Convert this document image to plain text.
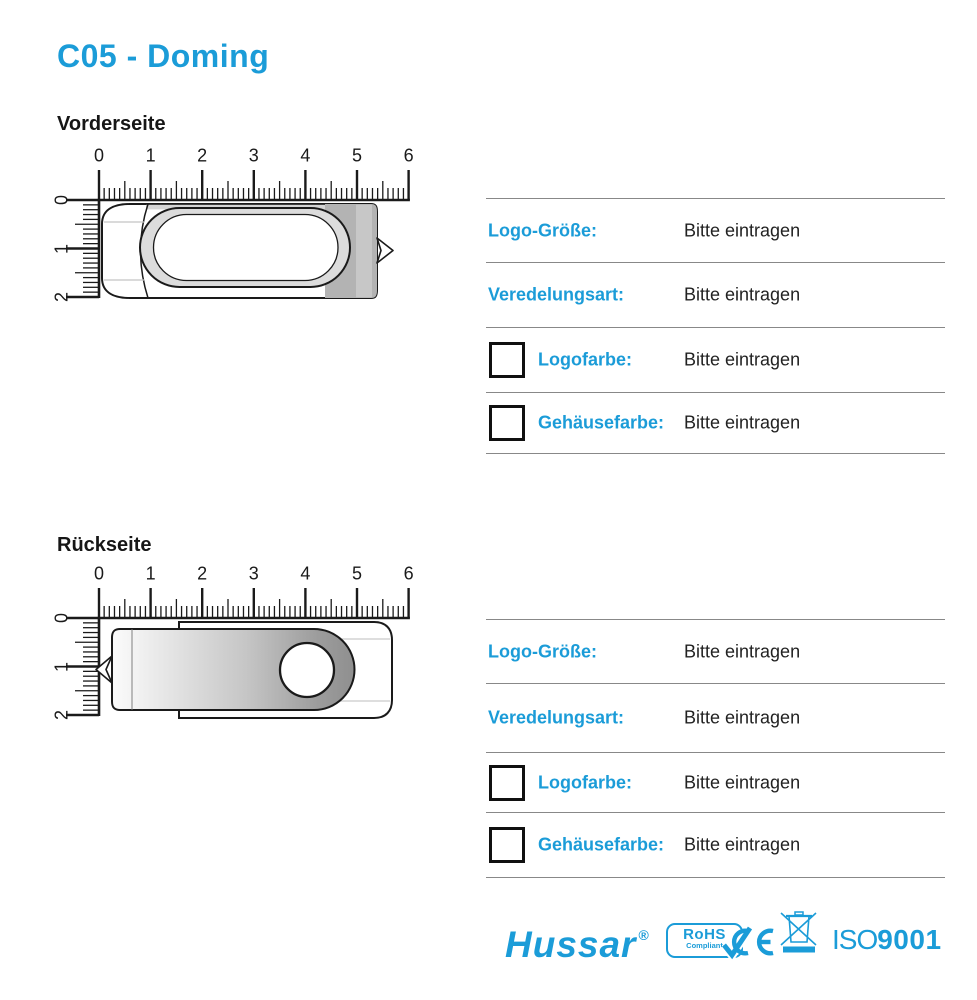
C05 - Doming
Vorderseite
0 1 2 3 4 5 6
0
1
2
Logo-Größe:	Bitte eintragen
Veredelungsart:	Bitte eintragen
Logofarbe:	Bitte eintragen
Gehäusefarbe: Bitte eintragen
Rückseite
0 1 2 3 4 5 6
0
1
2
Logo-Größe:	Bitte eintragen
Veredelungsart:	Bitte eintragen
Logofarbe:	Bitte eintragen
Gehäusefarbe: Bitte eintragen
Hussar ®	RoHS
Compliant	ISO9001
